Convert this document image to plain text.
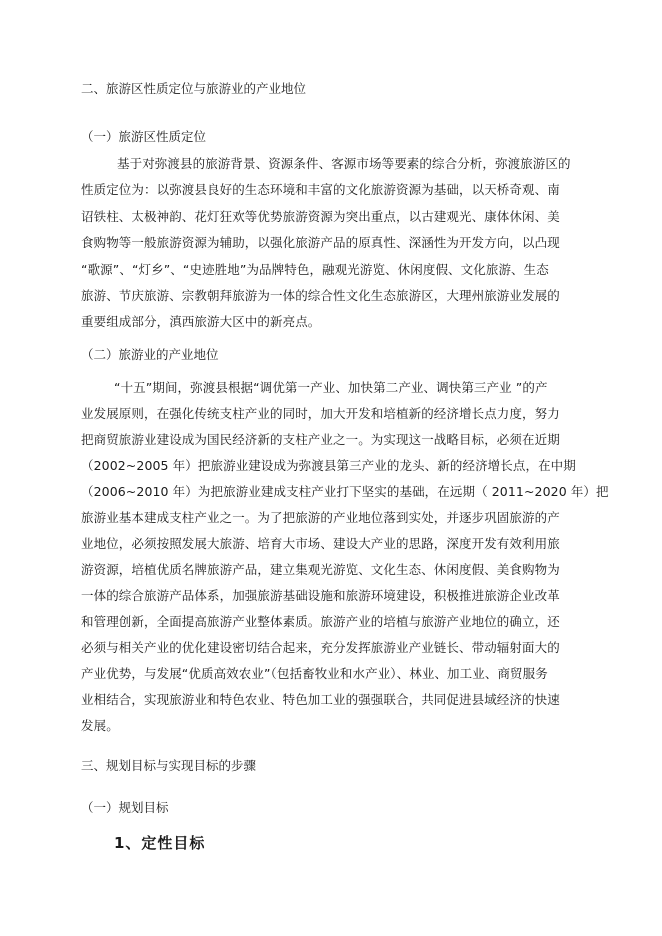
二、旅游区性质定位与旅游业的产业地位
（一）旅游区性质定位
基于对弥渡县的旅游背景、资源条件、客源市场等要素的综合分析，弥渡旅游区的
性质定位为：以弥渡县良好的生态环境和丰富的文化旅游资源为基础，以天桥奇观、南
诏铁柱、太极神韵、花灯狂欢等优势旅游资源为突出重点，以古建观光、康体休闲、美
食购物等一般旅游资源为辅助，以强化旅游产品的原真性、深涵性为开发方向，以凸现
“歌源”、“灯乡”、“史迹胜地”为品牌特色，融观光游览、休闲度假、文化旅游、生态
旅游、节庆旅游、宗教朝拜旅游为一体的综合性文化生态旅游区，大理州旅游业发展的
重要组成部分，滇西旅游大区中的新亮点。
（二）旅游业的产业地位
“十五”期间，弥渡县根据“调优第一产业、加快第二产业、调快第三产业 ”的产
业发展原则，在强化传统支柱产业的同时，加大开发和培植新的经济增长点力度，努力
把商贸旅游业建设成为国民经济新的支柱产业之一。为实现这一战略目标，必须在近期
（2002~2005 年）把旅游业建设成为弥渡县第三产业的龙头、新的经济增长点，在中期
（2006~2010 年）为把旅游业建成支柱产业打下坚实的基础，在远期（ 2011~2020 年）把
旅游业基本建成支柱产业之一。为了把旅游的产业地位落到实处，并逐步巩固旅游的产
业地位，必须按照发展大旅游、培育大市场、建设大产业的思路，深度开发有效利用旅
游资源，培植优质名牌旅游产品，建立集观光游览、文化生态、休闲度假、美食购物为
一体的综合旅游产品体系，加强旅游基础设施和旅游环境建设，积极推进旅游企业改革
和管理创新，全面提高旅游产业整体素质。旅游产业的培植与旅游产业地位的确立，还
必须与相关产业的优化建设密切结合起来，充分发挥旅游业产业链长、带动辐射面大的
产业优势，与发展“优质高效农业”（包括畜牧业和水产业）、林业、加工业、商贸服务
业相结合，实现旅游业和特色农业、特色加工业的强强联合，共同促进县域经济的快速
发展。
三、规划目标与实现目标的步骤
（一）规划目标
1、定性目标
